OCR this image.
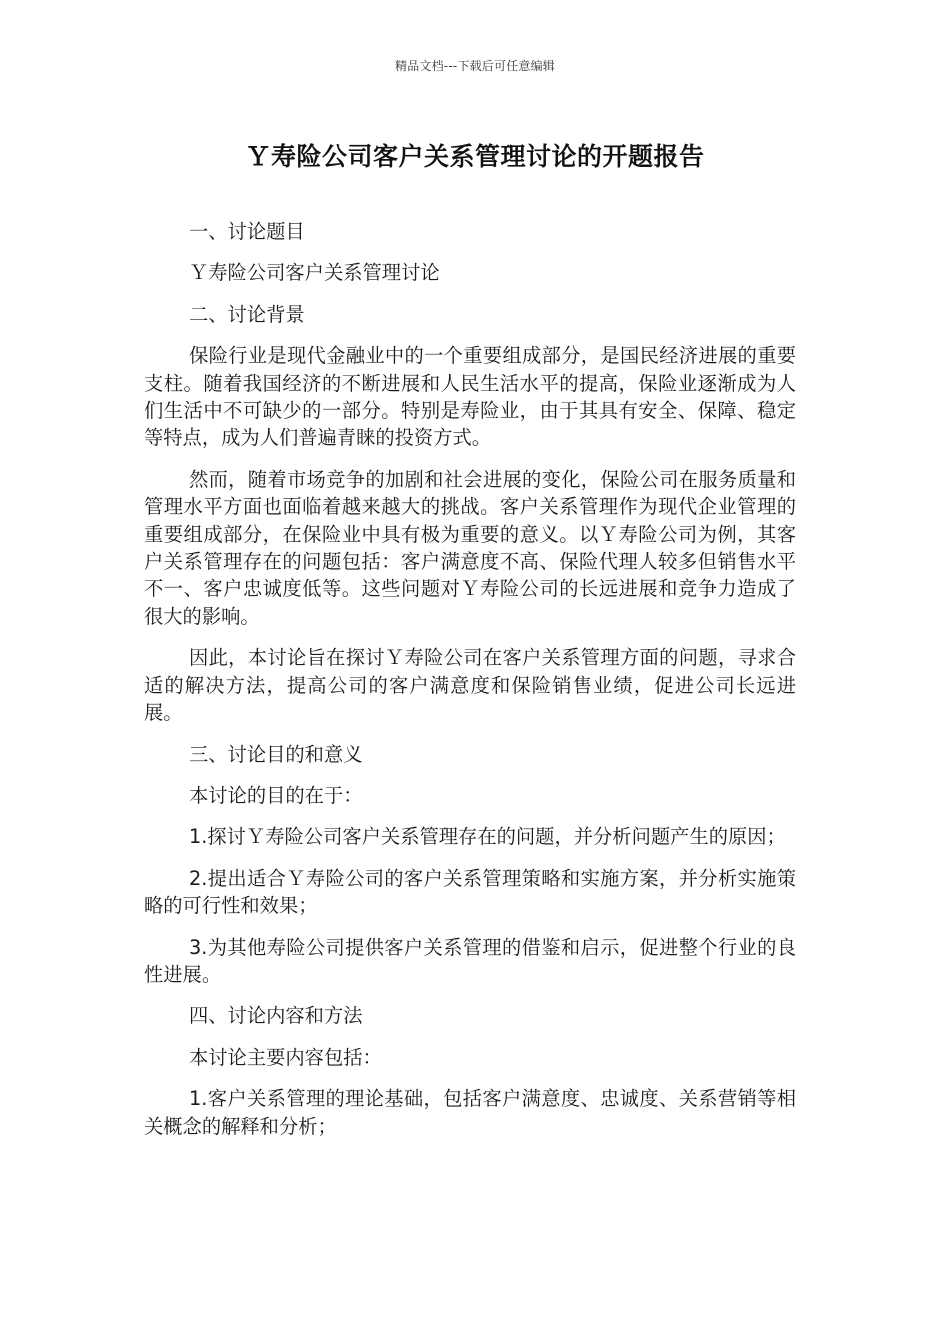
精品文档---下载后可任意编辑
Ｙ寿险公司客户关系管理讨论的开题报告

一、讨论题目

Ｙ寿险公司客户关系管理讨论

二、讨论背景

保险行业是现代金融业中的一个重要组成部分，是国民经济进展的重要支柱。随着我国经济的不断进展和人民生活水平的提高，保险业逐渐成为人们生活中不可缺少的一部分。特别是寿险业，由于其具有安全、保障、稳定等特点，成为人们普遍青睐的投资方式。

然而，随着市场竞争的加剧和社会进展的变化，保险公司在服务质量和管理水平方面也面临着越来越大的挑战。客户关系管理作为现代企业管理的重要组成部分，在保险业中具有极为重要的意义。以Ｙ寿险公司为例，其客户关系管理存在的问题包括：客户满意度不高、保险代理人较多但销售水平不一、客户忠诚度低等。这些问题对Ｙ寿险公司的长远进展和竞争力造成了很大的影响。

因此，本讨论旨在探讨Ｙ寿险公司在客户关系管理方面的问题，寻求合适的解决方法，提高公司的客户满意度和保险销售业绩，促进公司长远进展。

三、讨论目的和意义

本讨论的目的在于：

1.探讨Ｙ寿险公司客户关系管理存在的问题，并分析问题产生的原因；

2.提出适合Ｙ寿险公司的客户关系管理策略和实施方案，并分析实施策略的可行性和效果；

3.为其他寿险公司提供客户关系管理的借鉴和启示，促进整个行业的良性进展。

四、讨论内容和方法

本讨论主要内容包括：

1.客户关系管理的理论基础，包括客户满意度、忠诚度、关系营销等相关概念的解释和分析；
